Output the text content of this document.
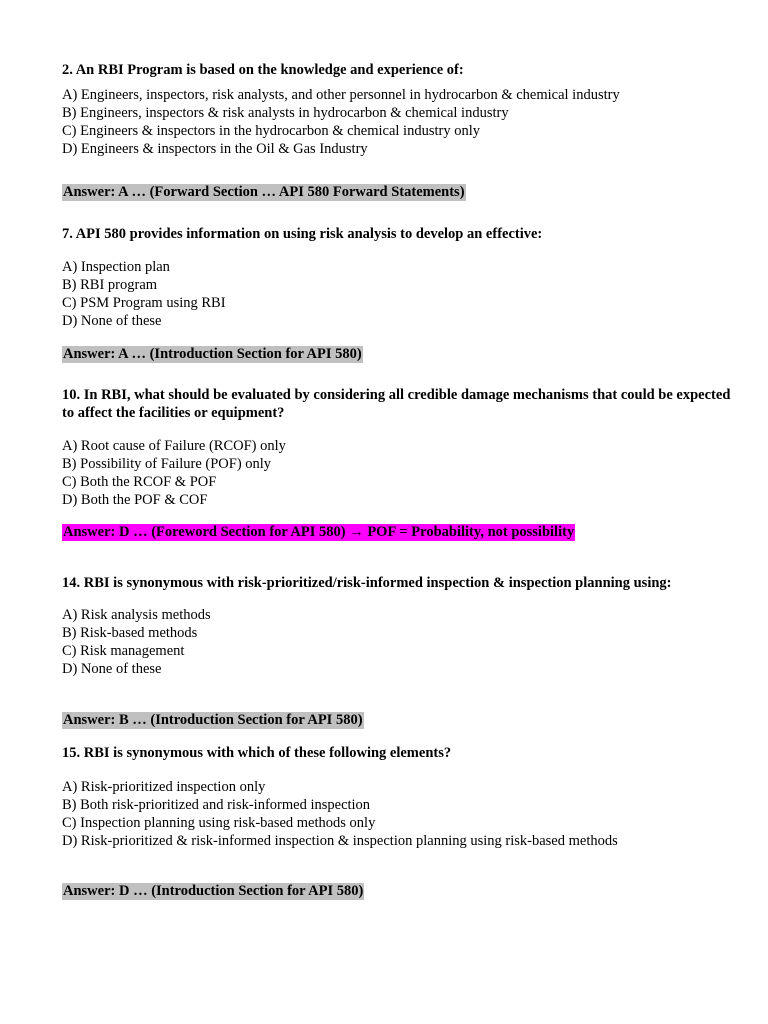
2. An RBI Program is based on the knowledge and experience of:

A) Engineers, inspectors, risk analysts, and other personnel in hydrocarbon & chemical industry

B) Engineers, inspectors & risk analysts in hydrocarbon & chemical industry

C) Engineers & inspectors in the hydrocarbon & chemical industry only

D) Engineers & inspectors in the Oil & Gas Industry

Answer: A … (Forward Section … API 580 Forward Statements)

7. API 580 provides information on using risk analysis to develop an effective:

A) Inspection plan

B) RBI program

C) PSM Program using RBI

D) None of these

Answer: A … (Introduction Section for API 580)

10. In RBI, what should be evaluated by considering all credible damage mechanisms that could be expected to affect the facilities or equipment?

A) Root cause of Failure (RCOF) only

B) Possibility of Failure (POF) only

C) Both the RCOF & POF

D) Both the POF & COF

Answer: D … (Foreword Section for API 580) → POF = Probability, not possibility

14. RBI is synonymous with risk-prioritized/risk-informed inspection & inspection planning using:

A) Risk analysis methods

B) Risk-based methods

C) Risk management

D) None of these

Answer: B … (Introduction Section for API 580)

15. RBI is synonymous with which of these following elements?

A) Risk-prioritized inspection only

B) Both risk-prioritized and risk-informed inspection

C) Inspection planning using risk-based methods only

D) Risk-prioritized & risk-informed inspection & inspection planning using risk-based methods

Answer: D … (Introduction Section for API 580)
